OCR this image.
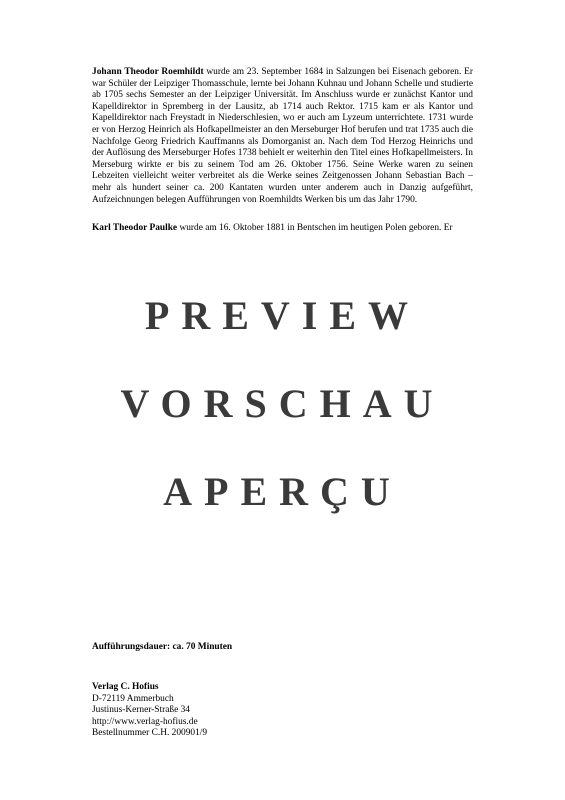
Johann Theodor Roemhildt wurde am 23. September 1684 in Salzungen bei Eisenach geboren. Er war Schüler der Leipziger Thomasschule, lernte bei Johann Kuhnau und Johann Schelle und studierte ab 1705 sechs Semester an der Leipziger Universität. Im Anschluss wurde er zunächst Kantor und Kapelldirektor in Spremberg in der Lausitz, ab 1714 auch Rektor. 1715 kam er als Kantor und Kapelldirektor nach Freystadt in Niederschlesien, wo er auch am Lyzeum unterrichtete. 1731 wurde er von Herzog Heinrich als Hofkapellmeister an den Merseburger Hof berufen und trat 1735 auch die Nachfolge Georg Friedrich Kauffmanns als Domorganist an. Nach dem Tod Herzog Heinrichs und der Auflösung des Merseburger Hofes 1738 behielt er weiterhin den Titel eines Hofkapellmeisters. In Merseburg wirkte er bis zu seinem Tod am 26. Oktober 1756. Seine Werke waren zu seinen Lebzeiten vielleicht weiter verbreitet als die Werke seines Zeitgenossen Johann Sebastian Bach – mehr als hundert seiner ca. 200 Kantaten wurden unter anderem auch in Danzig aufgeführt, Aufzeichnungen belegen Aufführungen von Roemhildts Werken bis um das Jahr 1790.

Karl Theodor Paulke wurde am 16. Oktober 1881 in Bentschen im heutigen Polen geboren. Er

PREVIEW
VORSCHAU
APERÇU
Aufführungsdauer: ca. 70 Minuten
Verlag C. Hofius
D-72119 Ammerbuch
Justinus-Kerner-Straße 34
http://www.verlag-hofius.de
Bestellnummer C.H. 200901/9
